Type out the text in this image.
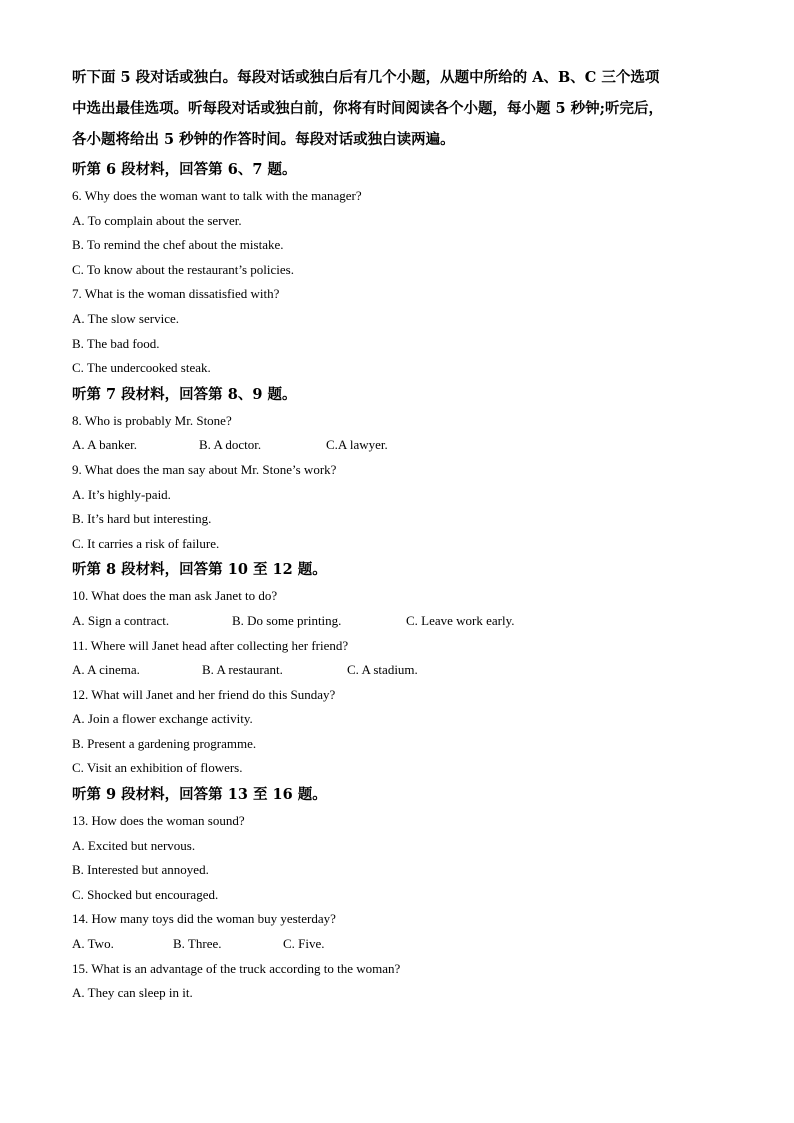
听下面 5 段对话或独白。每段对话或独白后有几个小题，从题中所给的 A、B、C 三个选项
中选出最佳选项。听每段对话或独白前，你将有时间阅读各个小题，每小题 5 秒钟;听完后，
各小题将给出 5 秒钟的作答时间。每段对话或独白读两遍。
听第 6 段材料，回答第 6、7 题。
6. Why does the woman want to talk with the manager?
A. To complain about the server.
B. To remind the chef about the mistake.
C. To know about the restaurant’s policies.
7. What is the woman dissatisfied with?
A. The slow service.
B. The bad food.
C. The undercooked steak.
听第 7 段材料，回答第 8、9 题。
8. Who is probably Mr. Stone?
A. A banker.	B. A doctor.	C.A lawyer.
9. What does the man say about Mr. Stone’s work?
A. It’s highly-paid.
B. It’s hard but interesting.
C. It carries a risk of failure.
听第 8 段材料，回答第 10 至 12 题。
10. What does the man ask Janet to do?
A. Sign a contract.	B. Do some printing.	C. Leave work early.
11. Where will Janet head after collecting her friend?
A. A cinema.	B. A restaurant.	C. A stadium.
12. What will Janet and her friend do this Sunday?
A. Join a flower exchange activity.
B. Present a gardening programme.
C. Visit an exhibition of flowers.
听第 9 段材料，回答第 13 至 16 题。
13. How does the woman sound?
A. Excited but nervous.
B. Interested but annoyed.
C. Shocked but encouraged.
14. How many toys did the woman buy yesterday?
A. Two.	B. Three.	C. Five.
15. What is an advantage of the truck according to the woman?
A. They can sleep in it.
